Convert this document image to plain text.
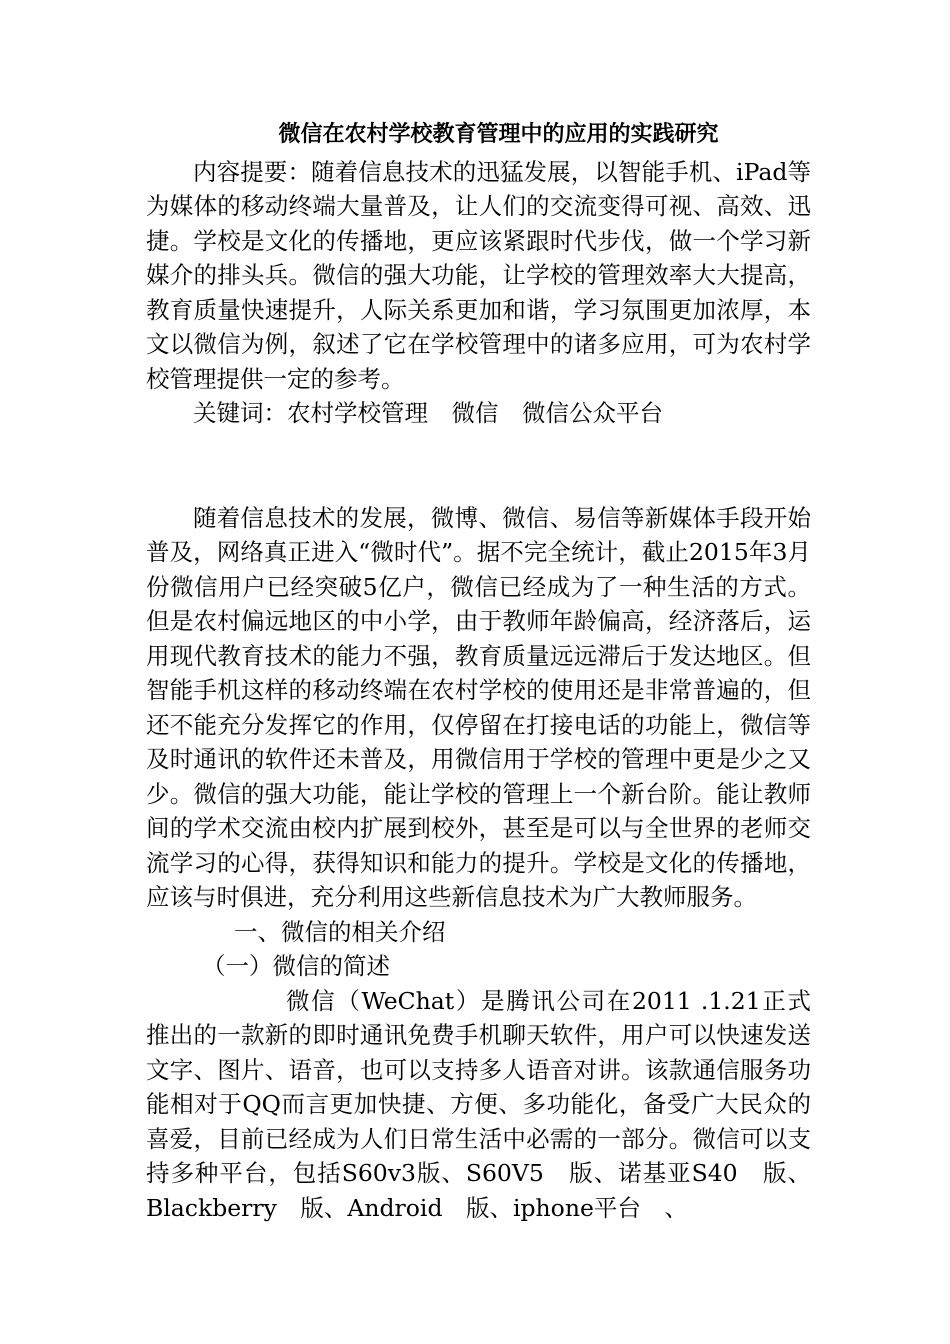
微信在农村学校教育管理中的应用的实践研究

内容提要：随着信息技术的迅猛发展，以智能手机、iPad等为媒体的移动终端大量普及，让人们的交流变得可视、高效、迅捷。学校是文化的传播地，更应该紧跟时代步伐，做一个学习新媒介的排头兵。微信的强大功能，让学校的管理效率大大提高，教育质量快速提升，人际关系更加和谐，学习氛围更加浓厚，本文以微信为例，叙述了它在学校管理中的诸多应用，可为农村学校管理提供一定的参考。

关键词：农村学校管理　微信　微信公众平台

随着信息技术的发展，微博、微信、易信等新媒体手段开始普及，网络真正进入“微时代”。据不完全统计，截止2015年3月份微信用户已经突破5亿户，微信已经成为了一种生活的方式。但是农村偏远地区的中小学，由于教师年龄偏高，经济落后，运用现代教育技术的能力不强，教育质量远远滞后于发达地区。但智能手机这样的移动终端在农村学校的使用还是非常普遍的，但还不能充分发挥它的作用，仅停留在打接电话的功能上，微信等及时通讯的软件还未普及，用微信用于学校的管理中更是少之又少。微信的强大功能，能让学校的管理上一个新台阶。能让教师间的学术交流由校内扩展到校外，甚至是可以与全世界的老师交流学习的心得，获得知识和能力的提升。学校是文化的传播地，应该与时俱进，充分利用这些新信息技术为广大教师服务。

一、微信的相关介绍

（一）微信的简述

微信（WeChat）是腾讯公司在2011 .1.21正式推出的一款新的即时通讯免费手机聊天软件，用户可以快速发送文字、图片、语音，也可以支持多人语音对讲。该款通信服务功能相对于QQ而言更加快捷、方便、多功能化，备受广大民众的喜爱，目前已经成为人们日常生活中必需的一部分。微信可以支持多种平台，包括S60v3版、S60V5　版、诺基亚S40　版、Blackberry　版、Android　版、iphone平台　、
